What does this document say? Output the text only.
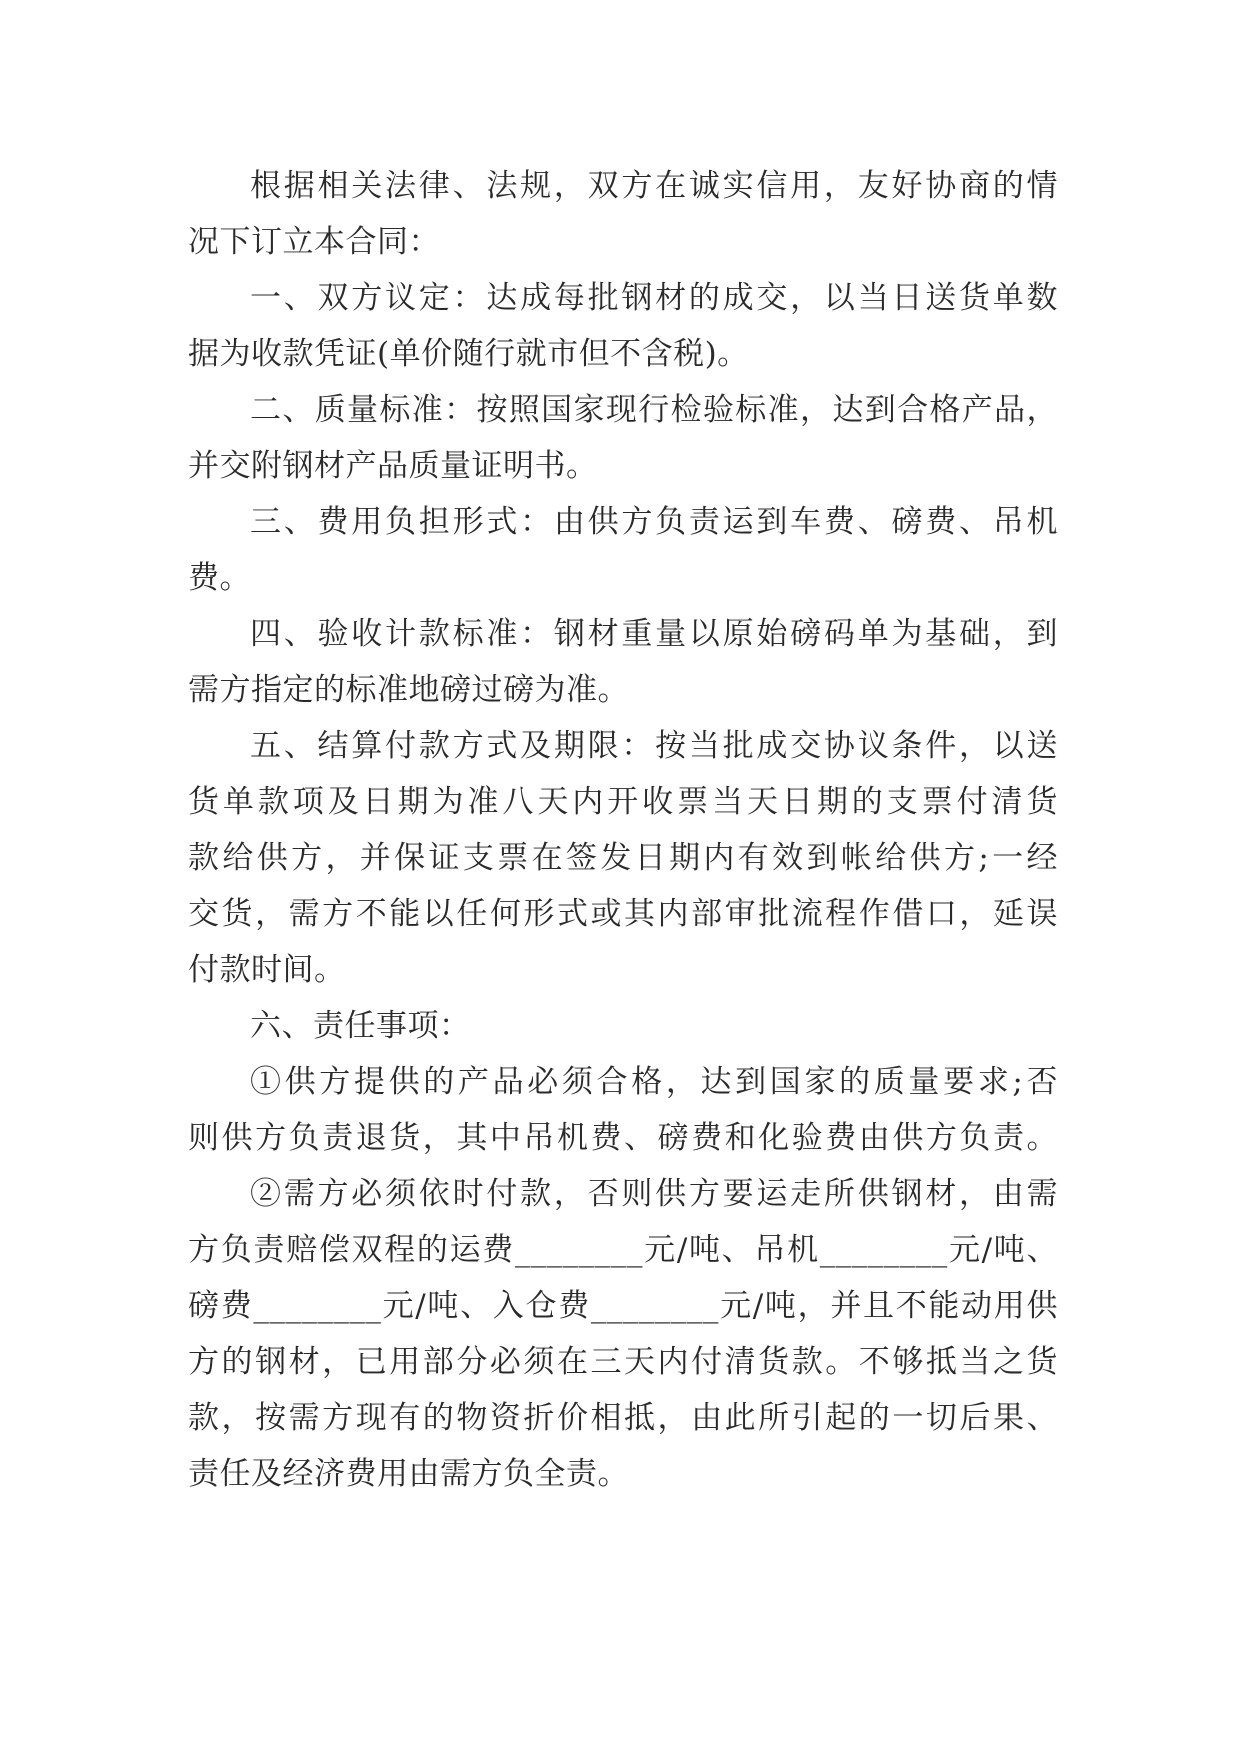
根据相关法律、法规，双方在诚实信用，友好协商的情
况下订立本合同：
一、双方议定：达成每批钢材的成交，以当日送货单数
据为收款凭证(单价随行就市但不含税)。
二、质量标准：按照国家现行检验标准，达到合格产品，
并交附钢材产品质量证明书。
三、费用负担形式：由供方负责运到车费、磅费、吊机
费。
四、验收计款标准：钢材重量以原始磅码单为基础，到
需方指定的标准地磅过磅为准。
五、结算付款方式及期限：按当批成交协议条件，以送
货单款项及日期为准八天内开收票当天日期的支票付清货
款给供方，并保证支票在签发日期内有效到帐给供方;一经
交货，需方不能以任何形式或其内部审批流程作借口，延误
付款时间。
六、责任事项：
①供方提供的产品必须合格，达到国家的质量要求;否
则供方负责退货，其中吊机费、磅费和化验费由供方负责。
②需方必须依时付款，否则供方要运走所供钢材，由需
方负责赔偿双程的运费________元/吨、吊机________元/吨、
磅费________元/吨、入仓费________元/吨，并且不能动用供
方的钢材，已用部分必须在三天内付清货款。不够抵当之货
款，按需方现有的物资折价相抵，由此所引起的一切后果、
责任及经济费用由需方负全责。
